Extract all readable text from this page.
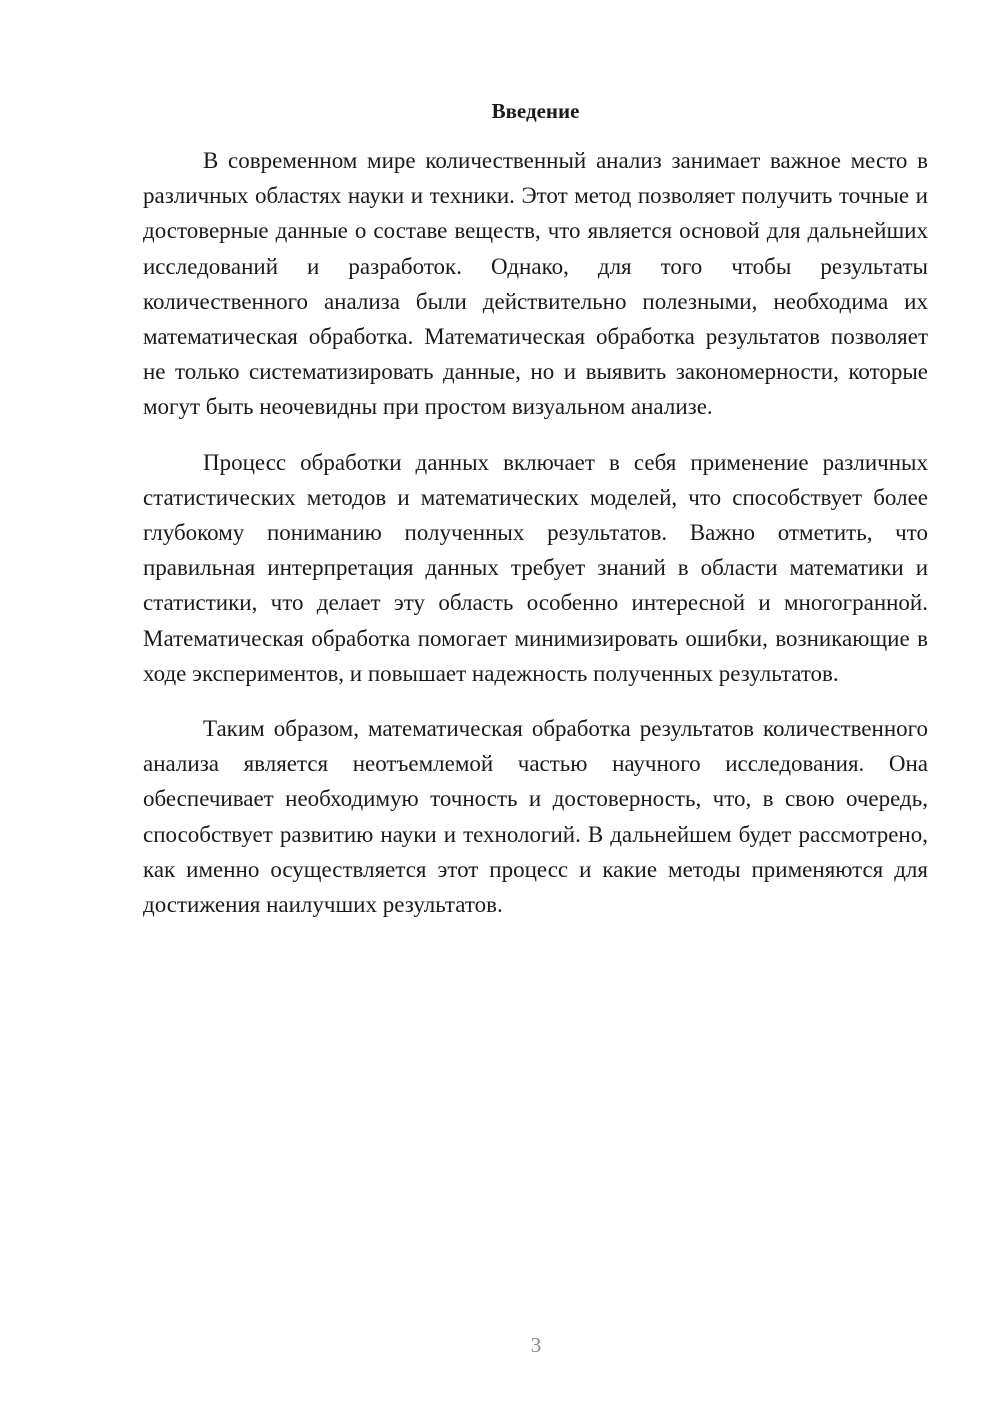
Введение

В современном мире количественный анализ занимает важное место в различных областях науки и техники. Этот метод позволяет получить точные и достоверные данные о составе веществ, что является основой для дальнейших исследований и разработок. Однако, для того чтобы результаты количественного анализа были действительно полезными, необходима их математическая обработка. Математическая обработка результатов позволяет не только систематизировать данные, но и выявить закономерности, которые могут быть неочевидны при простом визуальном анализе.

Процесс обработки данных включает в себя применение различных статистических методов и математических моделей, что способствует более глубокому пониманию полученных результатов. Важно отметить, что правильная интерпретация данных требует знаний в области математики и статистики, что делает эту область особенно интересной и многогранной. Математическая обработка помогает минимизировать ошибки, возникающие в ходе экспериментов, и повышает надежность полученных результатов.

Таким образом, математическая обработка результатов количественного анализа является неотъемлемой частью научного исследования. Она обеспечивает необходимую точность и достоверность, что, в свою очередь, способствует развитию науки и технологий. В дальнейшем будет рассмотрено, как именно осуществляется этот процесс и какие методы применяются для достижения наилучших результатов.

3
